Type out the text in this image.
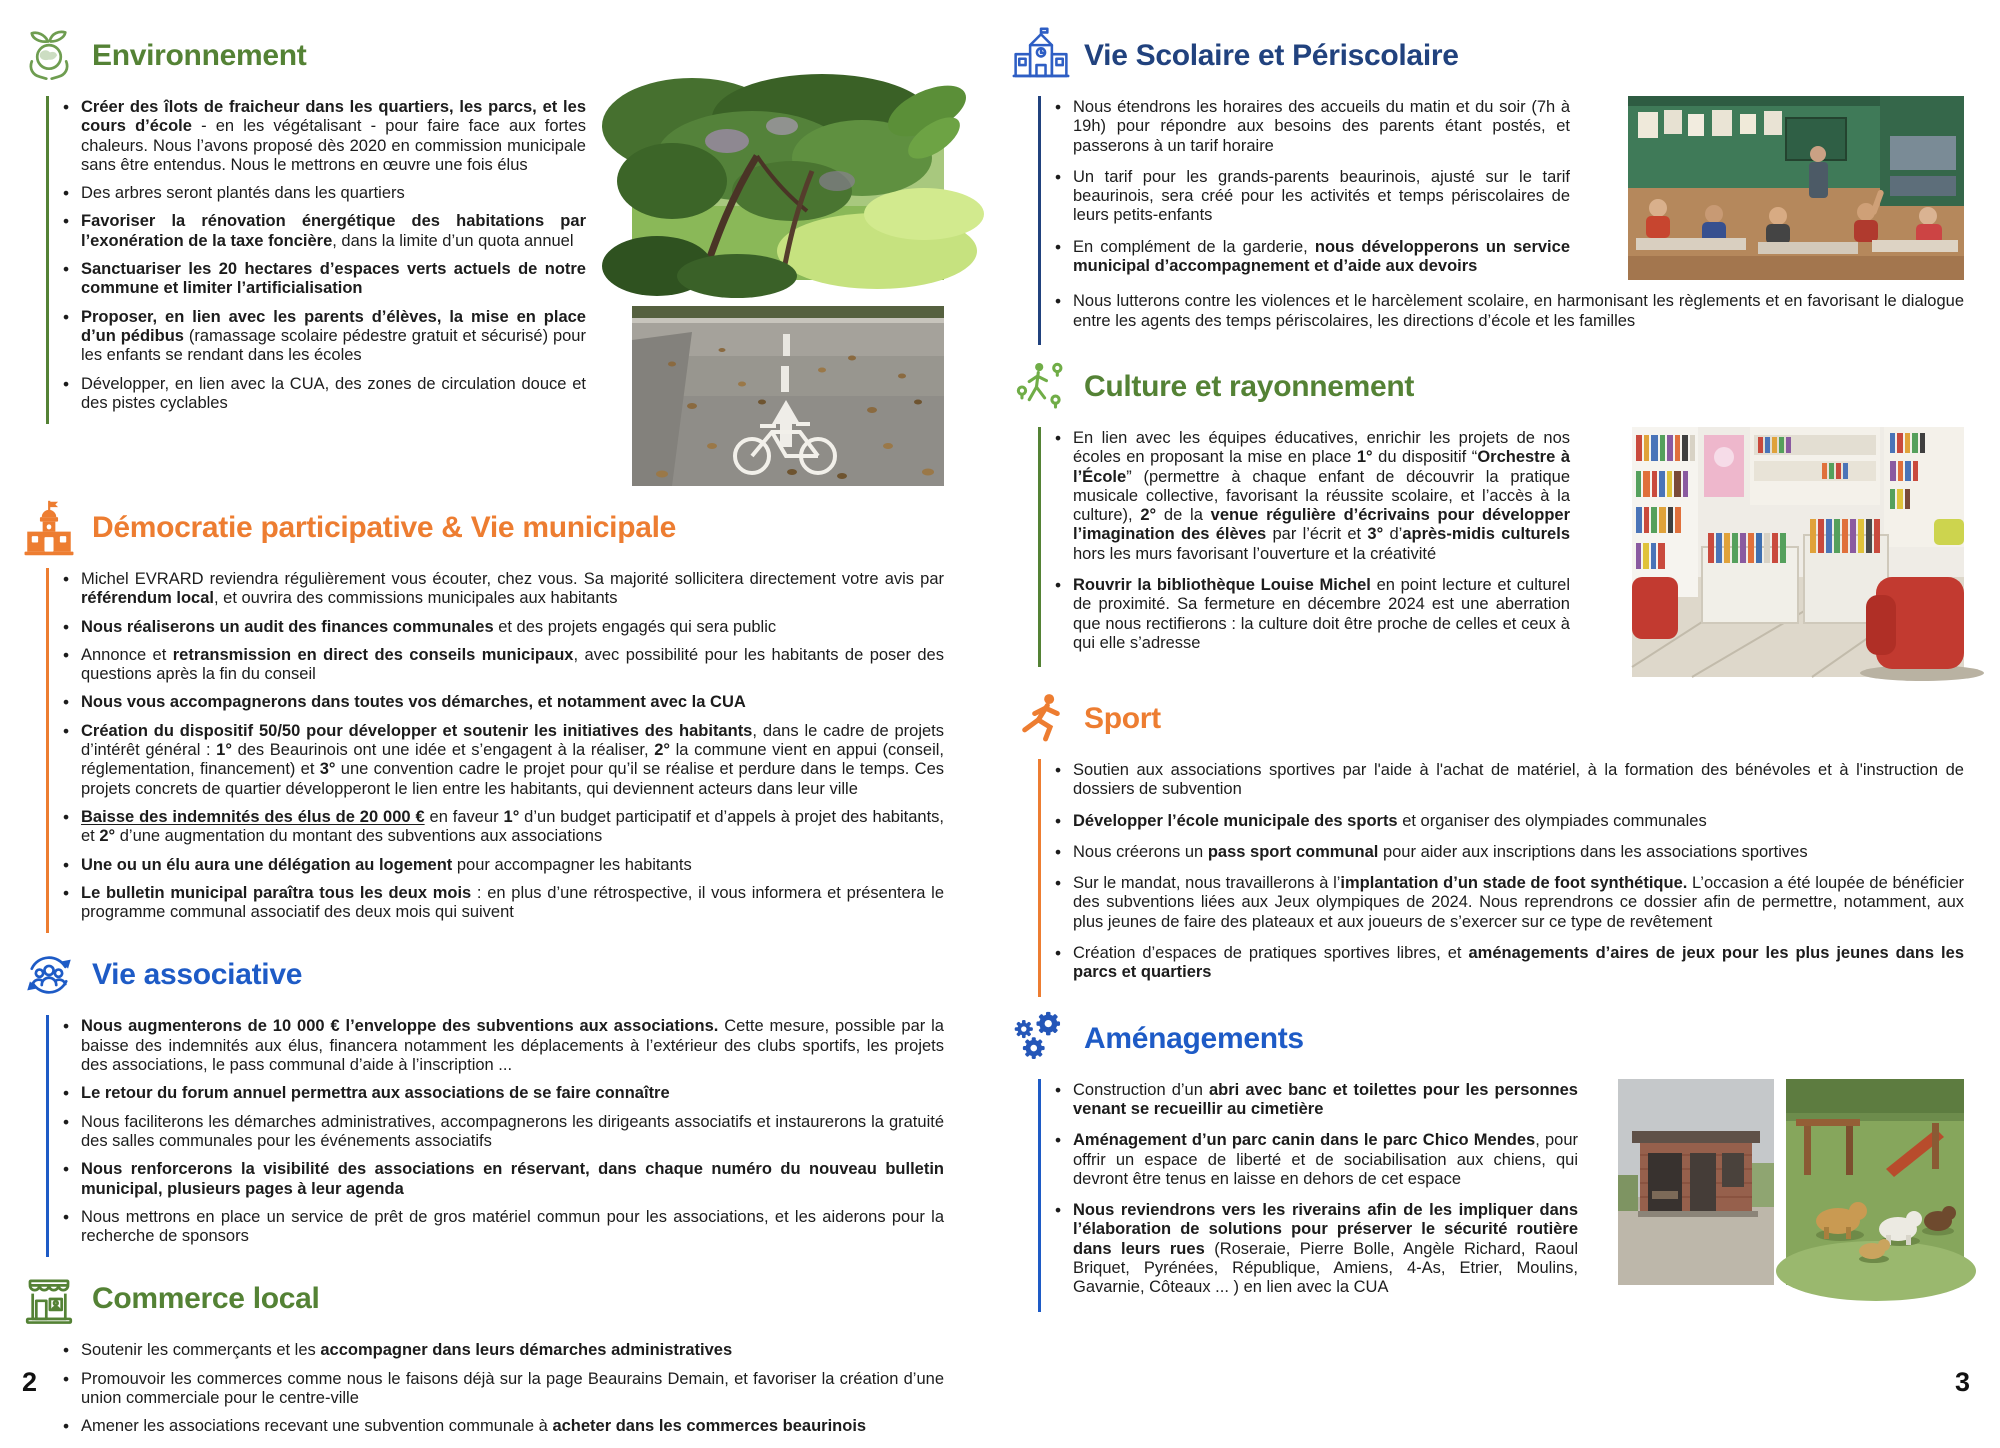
Environnement
• Créer des îlots de fraicheur dans les quartiers, les parcs, et les cours d’école - en les végétalisant - pour faire face aux fortes chaleurs. Nous l’avons proposé dès 2020 en commission municipale sans être entendus. Nous le mettrons en œuvre une fois élus
• Des arbres seront plantés dans les quartiers
• Favoriser la rénovation énergétique des habitations par l’exonération de la taxe foncière, dans la limite d’un quota annuel
• Sanctuariser les 20 hectares d’espaces verts actuels de notre commune et limiter l’artificialisation
• Proposer, en lien avec les parents d’élèves, la mise en place d’un pédibus (ramassage scolaire pédestre gratuit et sécurisé) pour les enfants se rendant dans les écoles
• Développer, en lien avec la CUA, des zones de circulation douce et des pistes cyclables
Démocratie participative & Vie municipale
• Michel EVRARD reviendra régulièrement vous écouter, chez vous. Sa majorité sollicitera directement votre avis par référendum local, et ouvrira des commissions municipales aux habitants
• Nous réaliserons un audit des finances communales et des projets engagés qui sera public
• Annonce et retransmission en direct des conseils municipaux, avec possibilité pour les habitants de poser des questions après la fin du conseil
• Nous vous accompagnerons dans toutes vos démarches, et notamment avec la CUA
• Création du dispositif 50/50 pour développer et soutenir les initiatives des habitants, dans le cadre de projets d’intérêt général : 1° des Beaurinois ont une idée et s’engagent à la réaliser, 2° la commune vient en appui (conseil, réglementation, financement) et 3° une convention cadre le projet pour qu’il se réalise et perdure dans le temps. Ces projets concrets de quartier développeront le lien entre les habitants, qui deviennent acteurs dans leur ville
• Baisse des indemnités des élus de 20 000 € en faveur 1° d’un budget participatif et d’appels à projet des habitants, et 2° d’une augmentation du montant des subventions aux associations
• Une ou un élu aura une délégation au logement pour accompagner les habitants
• Le bulletin municipal paraîtra tous les deux mois : en plus d’une rétrospective, il vous informera et présentera le programme communal associatif des deux mois qui suivent
Vie associative
• Nous augmenterons de 10 000 € l’enveloppe des subventions aux associations. Cette mesure, possible par la baisse des indemnités aux élus, financera notamment les déplacements à l’extérieur des clubs sportifs, les projets des associations, le pass communal d’aide à l’inscription ...
• Le retour du forum annuel permettra aux associations de se faire connaître
• Nous faciliterons les démarches administratives, accompagnerons les dirigeants associatifs et instaurerons la gratuité des salles communales pour les événements associatifs
• Nous renforcerons la visibilité des associations en réservant, dans chaque numéro du nouveau bulletin municipal, plusieurs pages à leur agenda
• Nous mettrons en place un service de prêt de gros matériel commun pour les associations, et les aiderons pour la recherche de sponsors
Commerce local
• Soutenir les commerçants et les accompagner dans leurs démarches administratives
• Promouvoir les commerces comme nous le faisons déjà sur la page Beaurains Demain, et favoriser la création d’une union commerciale pour le centre-ville
• Amener les associations recevant une subvention communale à acheter dans les commerces beaurinois
2
Vie Scolaire et Périscolaire
• Nous étendrons les horaires des accueils du matin et du soir (7h à 19h) pour répondre aux besoins des parents étant postés, et passerons à un tarif horaire
• Un tarif pour les grands-parents beaurinois, ajusté sur le tarif beaurinois, sera créé pour les activités et temps périscolaires de leurs petits-enfants
• En complément de la garderie, nous développerons un service municipal d’accompagnement et d’aide aux devoirs
• Nous lutterons contre les violences et le harcèlement scolaire, en harmonisant les règlements et en favorisant le dialogue entre les agents des temps périscolaires, les directions d’école et les familles
Culture et rayonnement
• En lien avec les équipes éducatives, enrichir les projets de nos écoles en proposant la mise en place 1° du dispositif “Orchestre à l’École” (permettre à chaque enfant de découvrir la pratique musicale collective, favorisant la réussite scolaire, et l’accès à la culture), 2° de la venue régulière d’écrivains pour développer l’imagination des élèves par l’écrit et 3° d’après-midis culturels hors les murs favorisant l’ouverture et la créativité
• Rouvrir la bibliothèque Louise Michel en point lecture et culturel de proximité. Sa fermeture en décembre 2024 est une aberration que nous rectifierons : la culture doit être proche de celles et ceux à qui elle s’adresse
Sport
• Soutien aux associations sportives par l'aide à l'achat de matériel, à la formation des bénévoles et à l'instruction de dossiers de subvention
• Développer l’école municipale des sports et organiser des olympiades communales
• Nous créerons un pass sport communal pour aider aux inscriptions dans les associations sportives
• Sur le mandat, nous travaillerons à l’implantation d’un stade de foot synthétique. L’occasion a été loupée de bénéficier des subventions liées aux Jeux olympiques de 2024. Nous reprendrons ce dossier afin de permettre, notamment, aux plus jeunes de faire des plateaux et aux joueurs de s’exercer sur ce type de revêtement
• Création d’espaces de pratiques sportives libres, et aménagements d’aires de jeux pour les plus jeunes dans les parcs et quartiers
Aménagements
• Construction d’un abri avec banc et toilettes pour les personnes venant se recueillir au cimetière
• Aménagement d’un parc canin dans le parc Chico Mendes, pour offrir un espace de liberté et de sociabilisation aux chiens, qui devront être tenus en laisse en dehors de cet espace
• Nous reviendrons vers les riverains afin de les impliquer dans l’élaboration de solutions pour préserver le sécurité routière dans leurs rues (Roseraie, Pierre Bolle, Angèle Richard, Raoul Briquet, Pyrénées, République, Amiens, 4-As, Etrier, Moulins, Gavarnie, Côteaux ... ) en lien avec la CUA
3
